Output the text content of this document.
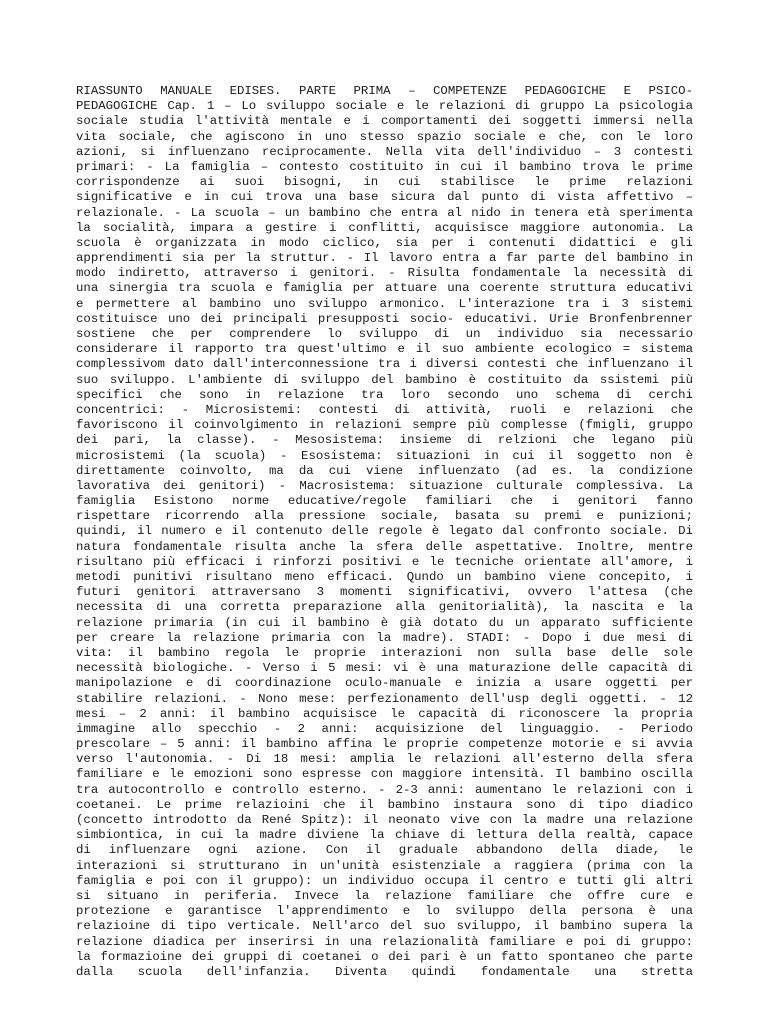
RIASSUNTO MANUALE EDISES. PARTE PRIMA – COMPETENZE PEDAGOGICHE E PSICO-
PEDAGOGICHE Cap. 1 – Lo sviluppo sociale e le relazioni di gruppo La psicologia
sociale studia l'attività mentale e i comportamenti dei soggetti immersi nella
vita sociale, che agiscono in uno stesso spazio sociale e che, con le loro
azioni, si influenzano reciprocamente. Nella vita dell'individuo – 3 contesti
primari: - La famiglia – contesto costituito in cui il bambino trova le prime
corrispondenze ai suoi bisogni, in cui stabilisce le prime relazioni
significative e in cui trova una base sicura dal punto di vista affettivo –
relazionale. - La scuola – un bambino che entra al nido in tenera età sperimenta
la socialità, impara a gestire i conflitti, acquisisce maggiore autonomia. La
scuola è organizzata in modo ciclico, sia per i contenuti didattici e gli
apprendimenti sia per la struttur. - Il lavoro entra a far parte del bambino in
modo indiretto, attraverso i genitori. - Risulta fondamentale la necessità di
una sinergia tra scuola e famiglia per attuare una coerente struttura educativi
e permettere al bambino uno sviluppo armonico. L'interazione tra i 3 sistemi
costituisce uno dei principali presupposti socio- educativi. Urie Bronfenbrenner
sostiene che per comprendere lo sviluppo di un individuo sia necessario
considerare il rapporto tra quest'ultimo e il suo ambiente ecologico = sistema
complessivom dato dall'interconnessione tra i diversi contesti che influenzano il
suo sviluppo. L'ambiente di sviluppo del bambino è costituito da ssistemi più
specifici che sono in relazione tra loro secondo uno schema di cerchi
concentrici: - Microsistemi: contesti di attività, ruoli e relazioni che
favoriscono il coinvolgimento in relazioni sempre più complesse (fmigli, gruppo
dei pari, la classe). - Mesosistema: insieme di relzioni che legano più
microsistemi (la scuola) - Esosistema: situazioni in cui il soggetto non è
direttamente coinvolto, ma da cui viene influenzato (ad es. la condizione
lavorativa dei genitori) - Macrosistema: situazione culturale complessiva. La
famiglia Esistono norme educative/regole familiari che i genitori fanno
rispettare ricorrendo alla pressione sociale, basata su premi e punizioni;
quindi, il numero e il contenuto delle regole è legato dal confronto sociale. Di
natura fondamentale risulta anche la sfera delle aspettative. Inoltre, mentre
risultano più efficaci i rinforzi positivi e le tecniche orientate all'amore, i
metodi punitivi risultano meno efficaci. Qundo un bambino viene concepito, i
futuri genitori attraversano 3 momenti significativi, ovvero l'attesa (che
necessita di una corretta preparazione alla genitorialità), la nascita e la
relazione primaria (in cui il bambino è già dotato du un apparato sufficiente
per creare la relazione primaria con la madre). STADI: - Dopo i due mesi di
vita: il bambino regola le proprie interazioni non sulla base delle sole
necessità biologiche. - Verso i 5 mesi: vi è una maturazione delle capacità di
manipolazione e di coordinazione oculo-manuale e inizia a usare oggetti per
stabilire relazioni. - Nono mese: perfezionamento dell'usp degli oggetti. - 12
mesi – 2 anni: il bambino acquisisce le capacità di riconoscere la propria
immagine allo specchio - 2 anni: acquisizione del linguaggio. - Periodo
prescolare – 5 anni: il bambino affina le proprie competenze motorie e si avvia
verso l'autonomia. - Di 18 mesi: amplia le relazioni all'esterno della sfera
familiare e le emozioni sono espresse con maggiore intensità. Il bambino oscilla
tra autocontrollo e controllo esterno. - 2-3 anni: aumentano le relazioni con i
coetanei. Le prime relazioini che il bambino instaura sono di tipo diadico
(concetto introdotto da René Spitz): il neonato vive con la madre una relazione
simbiontica, in cui la madre diviene la chiave di lettura della realtà, capace
di influenzare ogni azione. Con il graduale abbandono della diade, le
interazioni si strutturano in un'unità esistenziale a raggiera (prima con la
famiglia e poi con il gruppo): un individuo occupa il centro e tutti gli altri
si situano in periferia. Invece la relazione familiare che offre cure e
protezione e garantisce l'apprendimento e lo sviluppo della persona è una
relazioine di tipo verticale. Nell'arco del suo sviluppo, il bambino supera la
relazione diadica per inserirsi in una relazionalità familiare e poi di gruppo:
la formazioine dei gruppi di coetanei o dei pari è un fatto spontaneo che parte
dalla scuola dell'infanzia. Diventa quindi fondamentale una stretta
